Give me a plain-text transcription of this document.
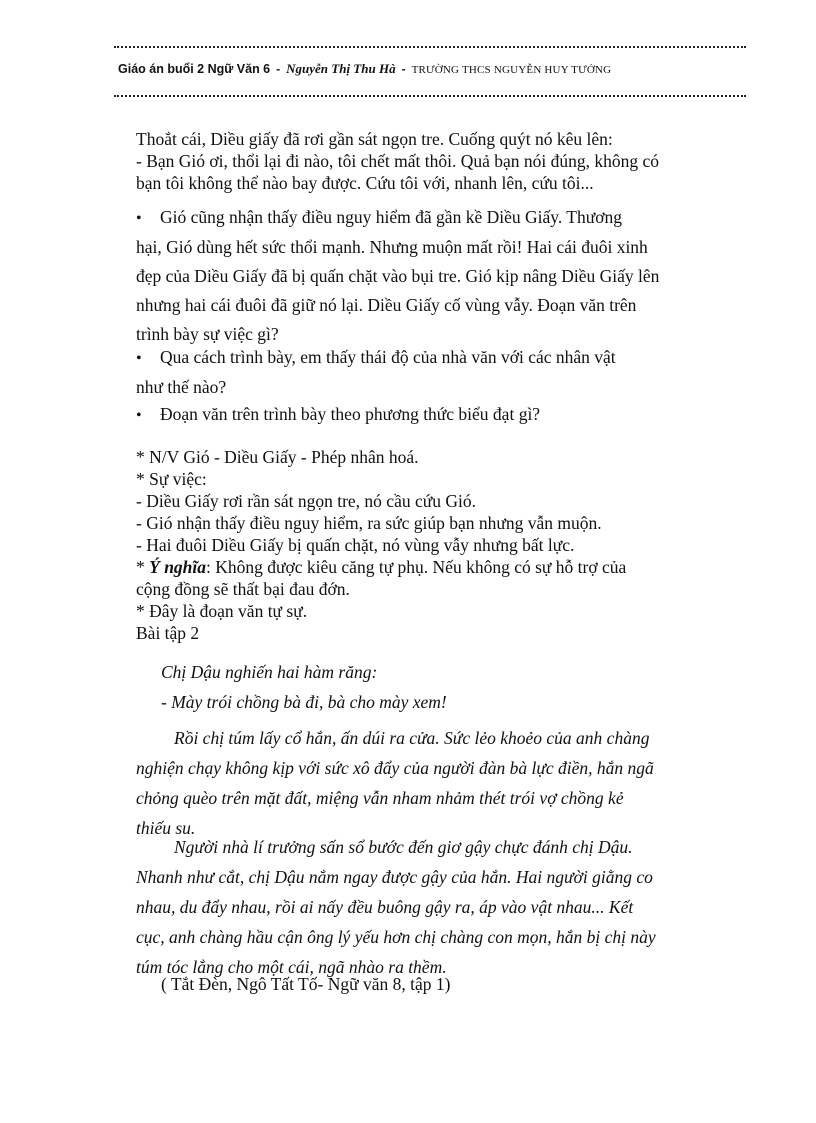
Giáo án buổi 2 Ngữ Văn 6 - Nguyễn Thị Thu Hà - TRƯỜNG THCS NGUYỄN HUY TƯỞNG
Thoắt cái, Diều giấy đã rơi gần sát ngọn tre. Cuống quýt nó kêu lên:
- Bạn Gió ơi, thổi lại đi nào, tôi chết mất thôi. Quả bạn nói đúng, không có
bạn tôi không thể nào bay được. Cứu tôi với, nhanh lên, cứu tôi...
• Gió cũng nhận thấy điều nguy hiểm đã gần kề Diều Giấy. Thương
hại, Gió dùng hết sức thổi mạnh. Nhưng muộn mất rồi! Hai cái đuôi xinh
đẹp của Diều Giấy đã bị quấn chặt vào bụi tre. Gió kịp nâng Diều Giấy lên
nhưng hai cái đuôi đã giữ nó lại. Diều Giấy cố vùng vẫy. Đoạn văn trên
trình bày sự việc gì?
• Qua cách trình bày, em thấy thái độ của nhà văn với các nhân vật
như thế nào?
• Đoạn văn trên trình bày theo phương thức biểu đạt gì?
* N/V Gió - Diều Giấy - Phép nhân hoá.
* Sự việc:
- Diều Giấy rơi rần sát ngọn tre, nó cầu cứu Gió.
- Gió nhận thấy điều nguy hiểm, ra sức giúp bạn nhưng vẫn muộn.
- Hai đuôi Diều Giấy bị quấn chặt, nó vùng vẫy nhưng bất lực.
* Ý nghĩa: Không được kiêu căng tự phụ. Nếu không có sự hỗ trợ của
cộng đồng sẽ thất bại đau đớn.
* Đây là đoạn văn tự sự.
Bài tập 2
Chị Dậu nghiến hai hàm răng:
- Mày trói chồng bà đi, bà cho mày xem!
Rồi chị túm lấy cổ hắn, ấn dúi ra cửa. Sức lẻo khoẻo của anh chàng
nghiện chạy không kịp với sức xô đẩy của người đàn bà lực điền, hắn ngã
chỏng quèo trên mặt đất, miệng vẫn nham nhảm thét trói vợ chồng kẻ
thiếu su.
Người nhà lí trưởng sấn sổ bước đến giơ gậy chực đánh chị Dậu.
Nhanh như cắt, chị Dậu nắm ngay được gậy của hắn. Hai người giằng co
nhau, du đẩy nhau, rồi ai nấy đều buông gậy ra, áp vào vật nhau... Kết
cục, anh chàng hầu cận ông lý yếu hơn chị chàng con mọn, hắn bị chị này
túm tóc lẳng cho một cái, ngã nhào ra thềm.
( Tắt Đèn, Ngô Tất Tố- Ngữ văn 8, tập 1)
